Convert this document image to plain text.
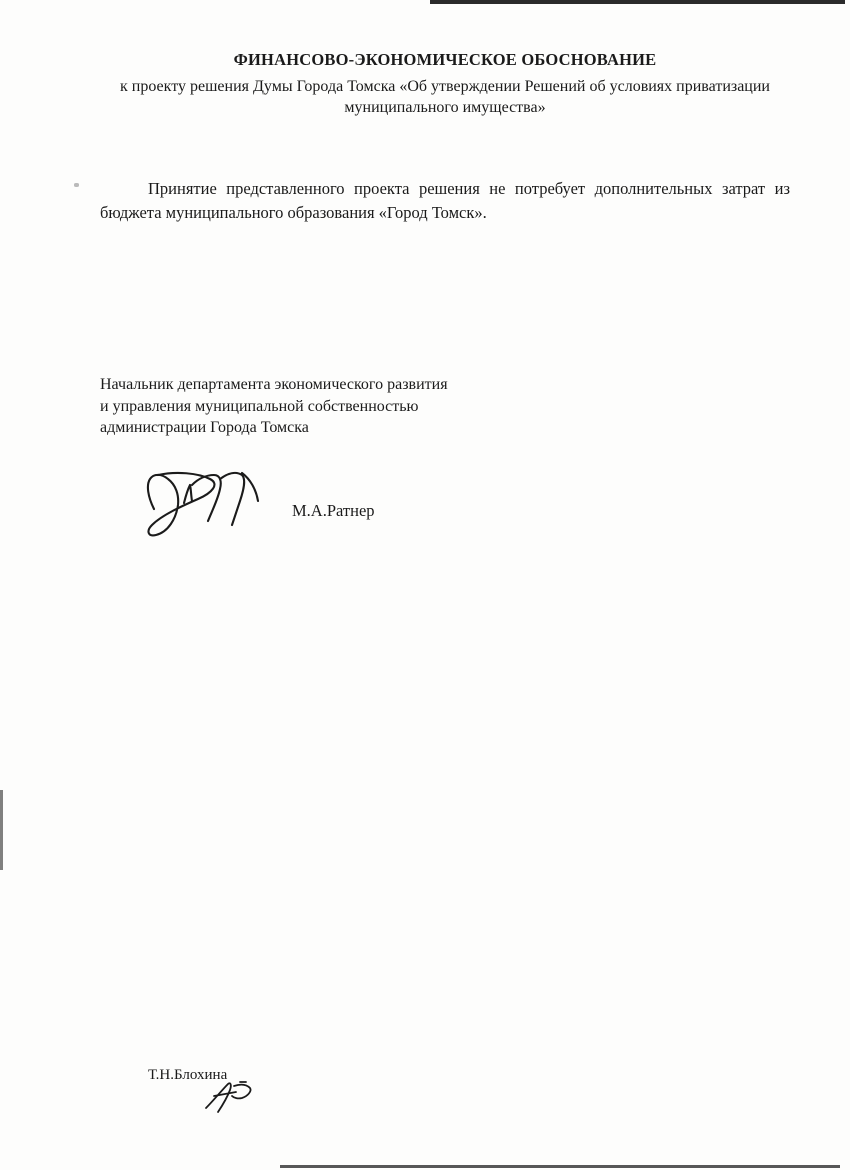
ФИНАНСОВО-ЭКОНОМИЧЕСКОЕ ОБОСНОВАНИЕ
к проекту решения Думы Города Томска «Об утверждении Решений об условиях приватизации муниципального имущества»
Принятие представленного проекта решения не потребует дополнительных затрат из бюджета муниципального образования «Город Томск».
Начальник департамента экономического развития
и управления муниципальной собственностью
администрации Города Томска
М.А.Ратнер
Т.Н.Блохина
